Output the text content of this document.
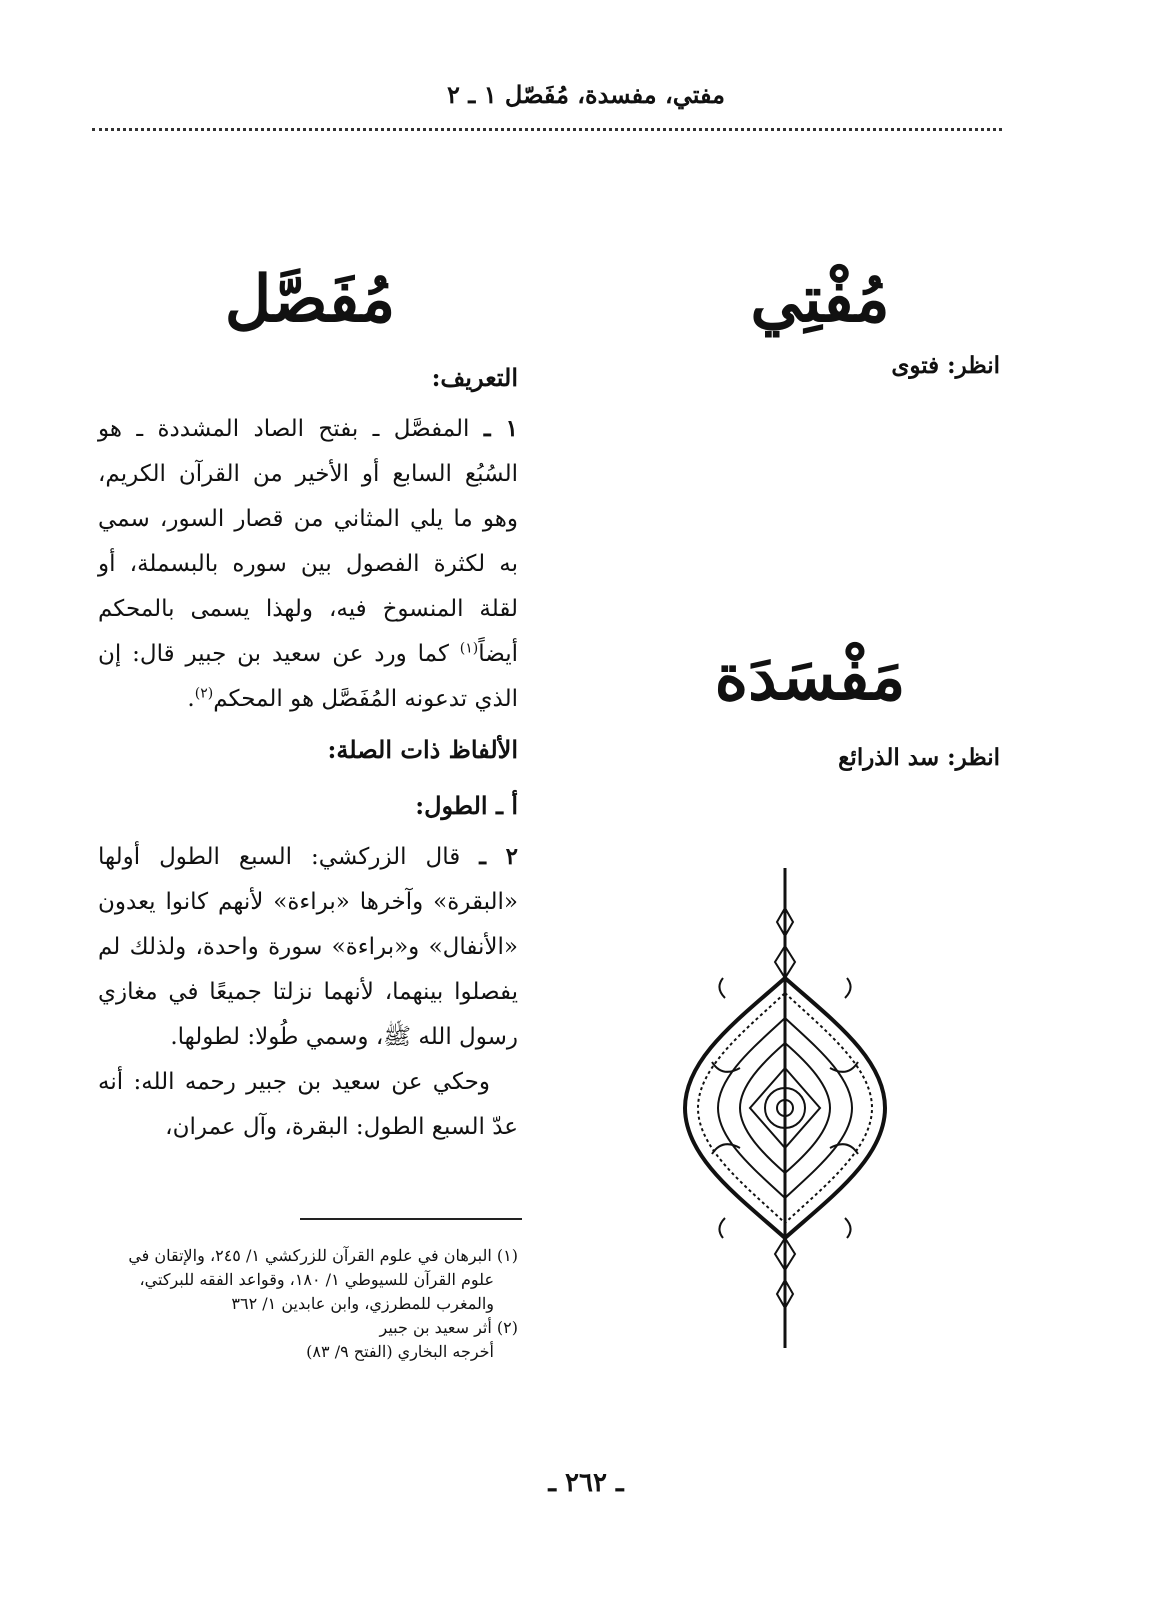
مفتي، مفسدة، مُفَصّل ١ ـ ٢
مُفْتِي
انظر: فتوى
مَفْسَدَة
انظر: سد الذرائع
مُفَصَّل
التعريف:

١ ـ المفصَّل ـ بفتح الصاد المشددة ـ هو السُبُع السابع أو الأخير من القرآن الكريم، وهو ما يلي المثاني من قصار السور، سمي به لكثرة الفصول بين سوره بالبسملة، أو لقلة المنسوخ فيه، ولهذا يسمى بالمحكم أيضاً$^{(١)}$ كما ورد عن سعيد بن جبير قال: إن الذي تدعونه المُفَصَّل هو المحكم$^{(٢)}$.

الألفاظ ذات الصلة:
أ ـ الطول:

٢ ـ قال الزركشي: السبع الطول أولها «البقرة» وآخرها «براءة» لأنهم كانوا يعدون «الأنفال» و«براءة» سورة واحدة، ولذلك لم يفصلوا بينهما، لأنهما نزلتا جميعًا في مغازي رسول الله ﷺ، وسمي طُولا: لطولها.

وحكي عن سعيد بن جبير رحمه الله: أنه عدّ السبع الطول: البقرة، وآل عمران،

(١) البرهان في علوم القرآن للزركشي ١/ ٢٤٥، والإتقان في

علوم القرآن للسيوطي ١/ ١٨٠، وقواعد الفقه للبركتي،

والمغرب للمطرزي، وابن عابدين ١/ ٣٦٢

(٢) أثر سعيد بن جبير

أخرجه البخاري (الفتح ٩/ ٨٣)

ـ ٢٦٢ ـ
